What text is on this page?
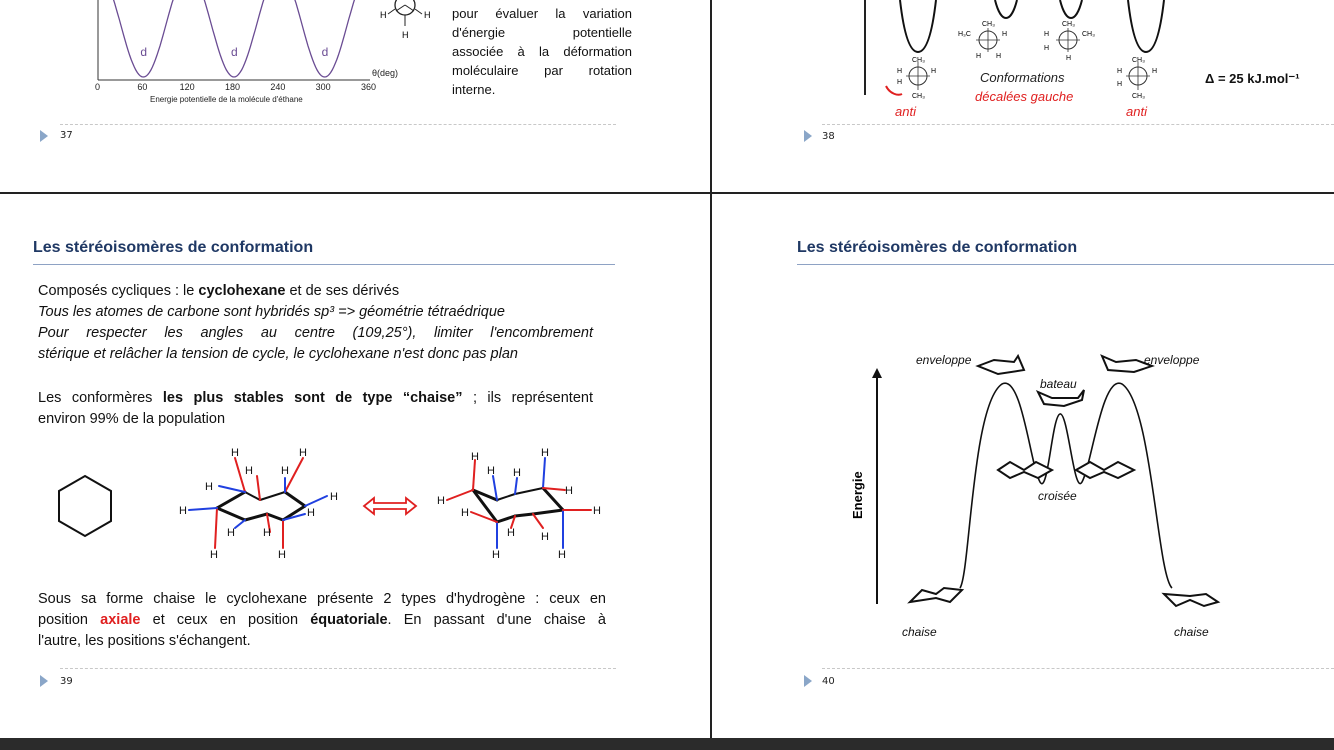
d	d	d
0	60	120	180	240	300	360
θ(deg)
Energie potentielle de la molécule d'éthane
H	H
H
pour évaluer la variation
d'énergie potentielle
associée à la déformation
moléculaire par rotation
interne.
37
CH₃
CH₃
H
H
H
CH₃
H₃C	H
H H
CH₃
CH₃
H
H
H	CH₃
CH₃
H
H
H
Conformations
décalées gauche
anti	anti
Δ = 25 kJ.mol⁻¹
38
Les stéréoisomères de conformation
Composés cycliques : le cyclohexane et de ses dérivés
Tous les atomes de carbone sont hybridés sp³ => géométrie tétraédrique
Pour respecter les angles au centre (109,25°), limiter l'encombrement
stérique et relâcher la tension de cycle, le cyclohexane n'est donc pas plan
Les conformères les plus stables sont de type “chaise” ; ils représentent
environ 99% de la population
H	H
H	H
H
H
H	H
H	H
H	H
H	H
H H
H
H
H	H
H H
H	H
Sous sa forme chaise le cyclohexane présente 2 types d'hydrogène : ceux en
position axiale et ceux en position équatoriale. En passant d'une chaise à
l'autre, les positions s'échangent.
39
Les stéréoisomères de conformation
Energie
enveloppe	enveloppe
bateau
croisée
chaise	chaise
40
